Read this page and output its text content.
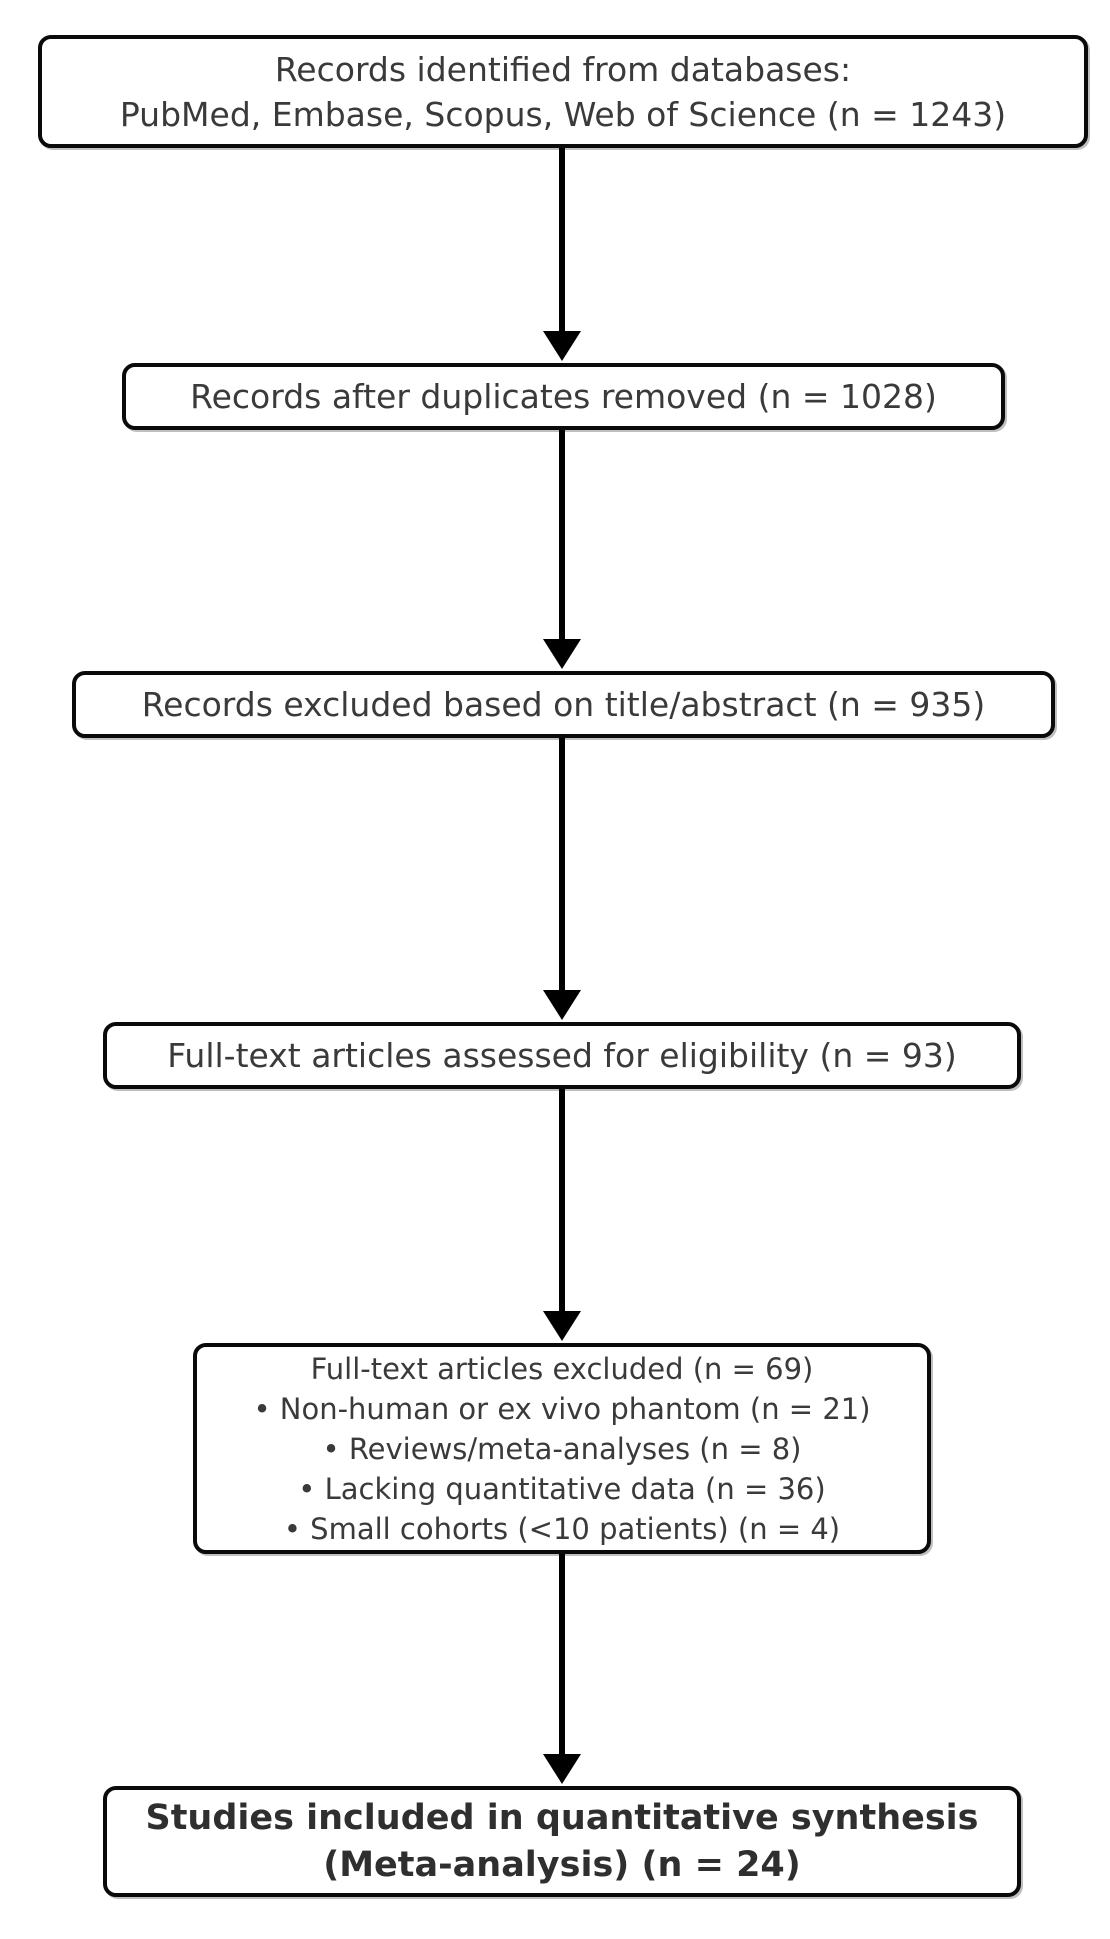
Records identified from databases:
PubMed, Embase, Scopus, Web of Science (n = 1243)
Records after duplicates removed (n = 1028)
Records excluded based on title/abstract (n = 935)
Full-text articles assessed for eligibility (n = 93)
Full-text articles excluded (n = 69)
• Non-human or ex vivo phantom (n = 21)
• Reviews/meta-analyses (n = 8)
• Lacking quantitative data (n = 36)
• Small cohorts (<10 patients) (n = 4)
Studies included in quantitative synthesis
(Meta-analysis) (n = 24)
